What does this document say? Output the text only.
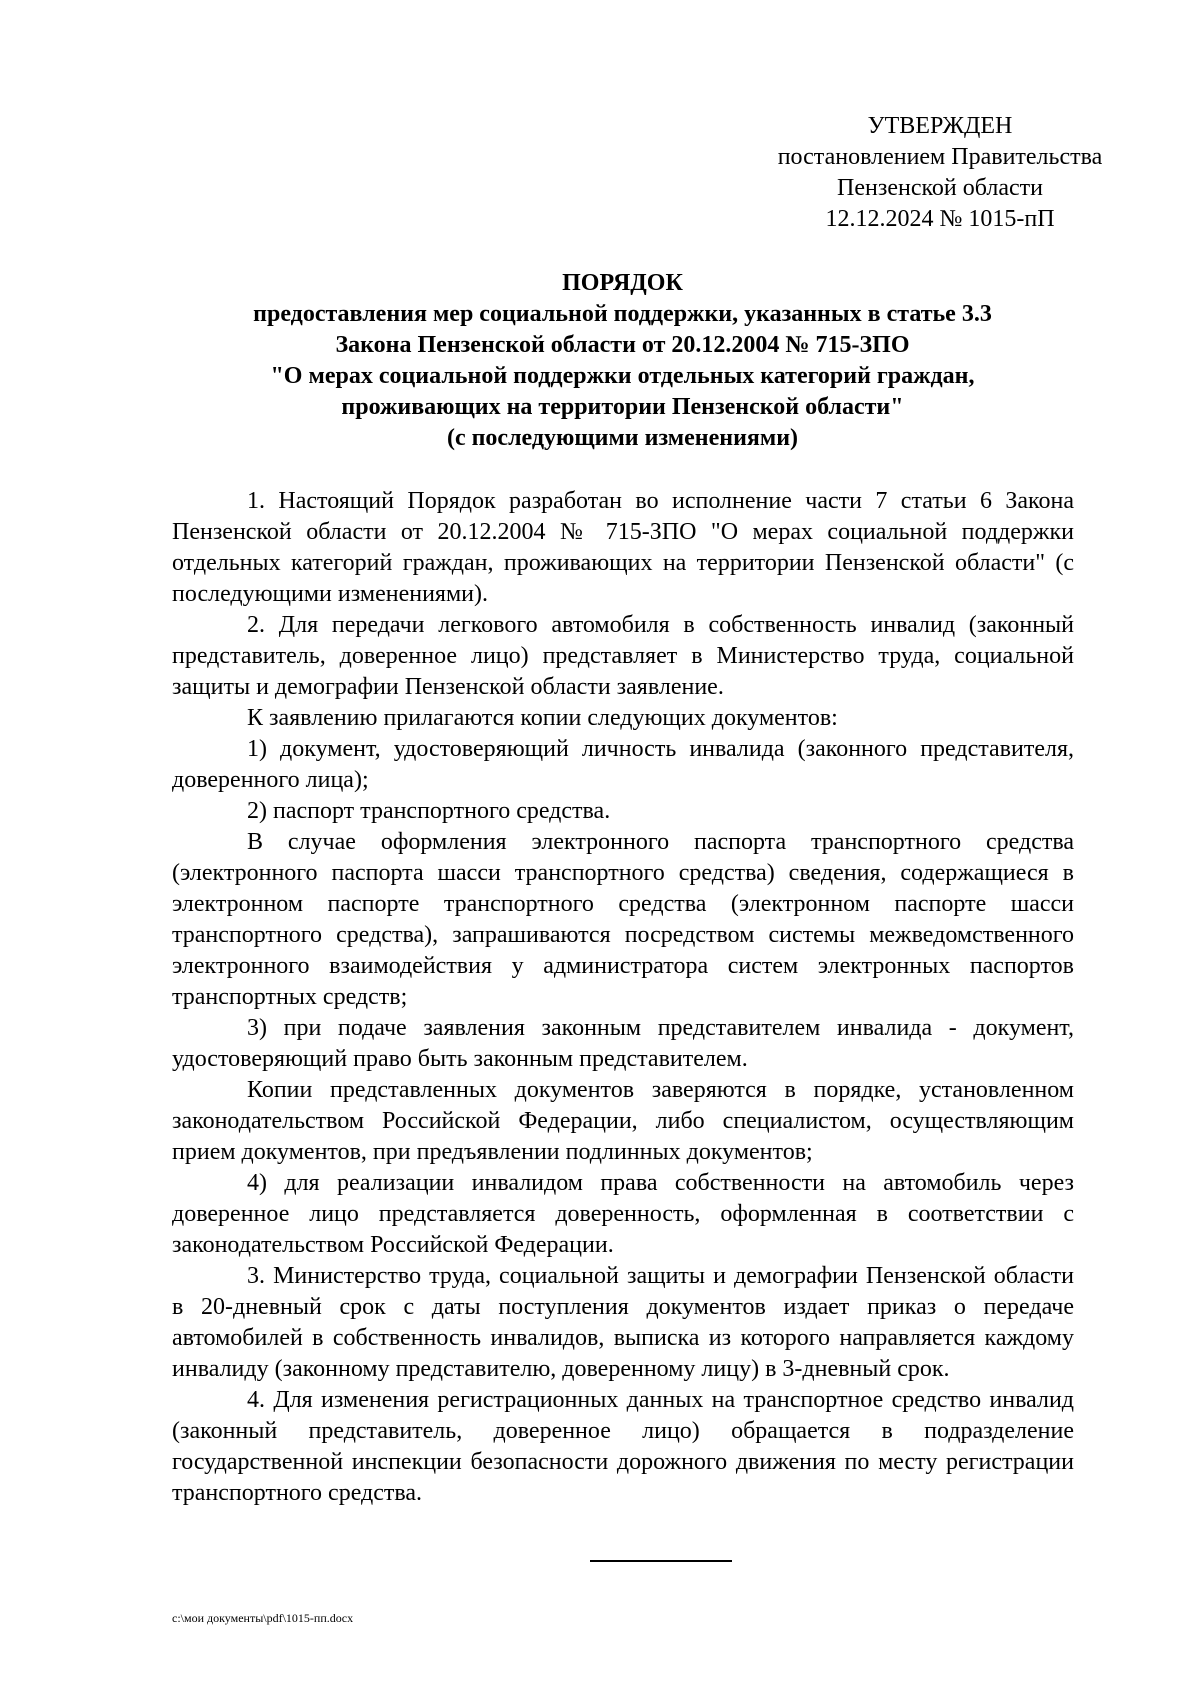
УТВЕРЖДЕН
постановлением Правительства
Пензенской области
12.12.2024 № 1015-пП
ПОРЯДОК
предоставления мер социальной поддержки, указанных в статье 3.3
Закона Пензенской области от 20.12.2004 № 715-ЗПО
"О мерах социальной поддержки отдельных категорий граждан,
проживающих на территории Пензенской области"
(с последующими изменениями)

1. Настоящий Порядок разработан во исполнение части 7 статьи 6 Закона Пензенской области от 20.12.2004 № 715-ЗПО "О мерах социальной поддержки отдельных категорий граждан, проживающих на территории Пензенской области" (с последующими изменениями).

2. Для передачи легкового автомобиля в собственность инвалид (законный представитель, доверенное лицо) представляет в Министерство труда, социальной защиты и демографии Пензенской области заявление.

К заявлению прилагаются копии следующих документов:

1) документ, удостоверяющий личность инвалида (законного представителя, доверенного лица);

2) паспорт транспортного средства.

В случае оформления электронного паспорта транспортного средства (электронного паспорта шасси транспортного средства) сведения, содержащиеся в электронном паспорте транспортного средства (электронном паспорте шасси транспортного средства), запрашиваются посредством системы межведомственного электронного взаимодействия у администратора систем электронных паспортов транспортных средств;

3) при подаче заявления законным представителем инвалида - документ, удостоверяющий право быть законным представителем.

Копии представленных документов заверяются в порядке, установленном законодательством Российской Федерации, либо специалистом, осуществляющим прием документов, при предъявлении подлинных документов;

4) для реализации инвалидом права собственности на автомобиль через доверенное лицо представляется доверенность, оформленная в соответствии с законодательством Российской Федерации.

3. Министерство труда, социальной защиты и демографии Пензенской области в 20-дневный срок с даты поступления документов издает приказ о передаче автомобилей в собственность инвалидов, выписка из которого направляется каждому инвалиду (законному представителю, доверенному лицу) в 3-дневный срок.

4. Для изменения регистрационных данных на транспортное средство инвалид (законный представитель, доверенное лицо) обращается в подразделение государственной инспекции безопасности дорожного движения по месту регистрации транспортного средства.

c:\мои документы\pdf\1015-пп.docx
